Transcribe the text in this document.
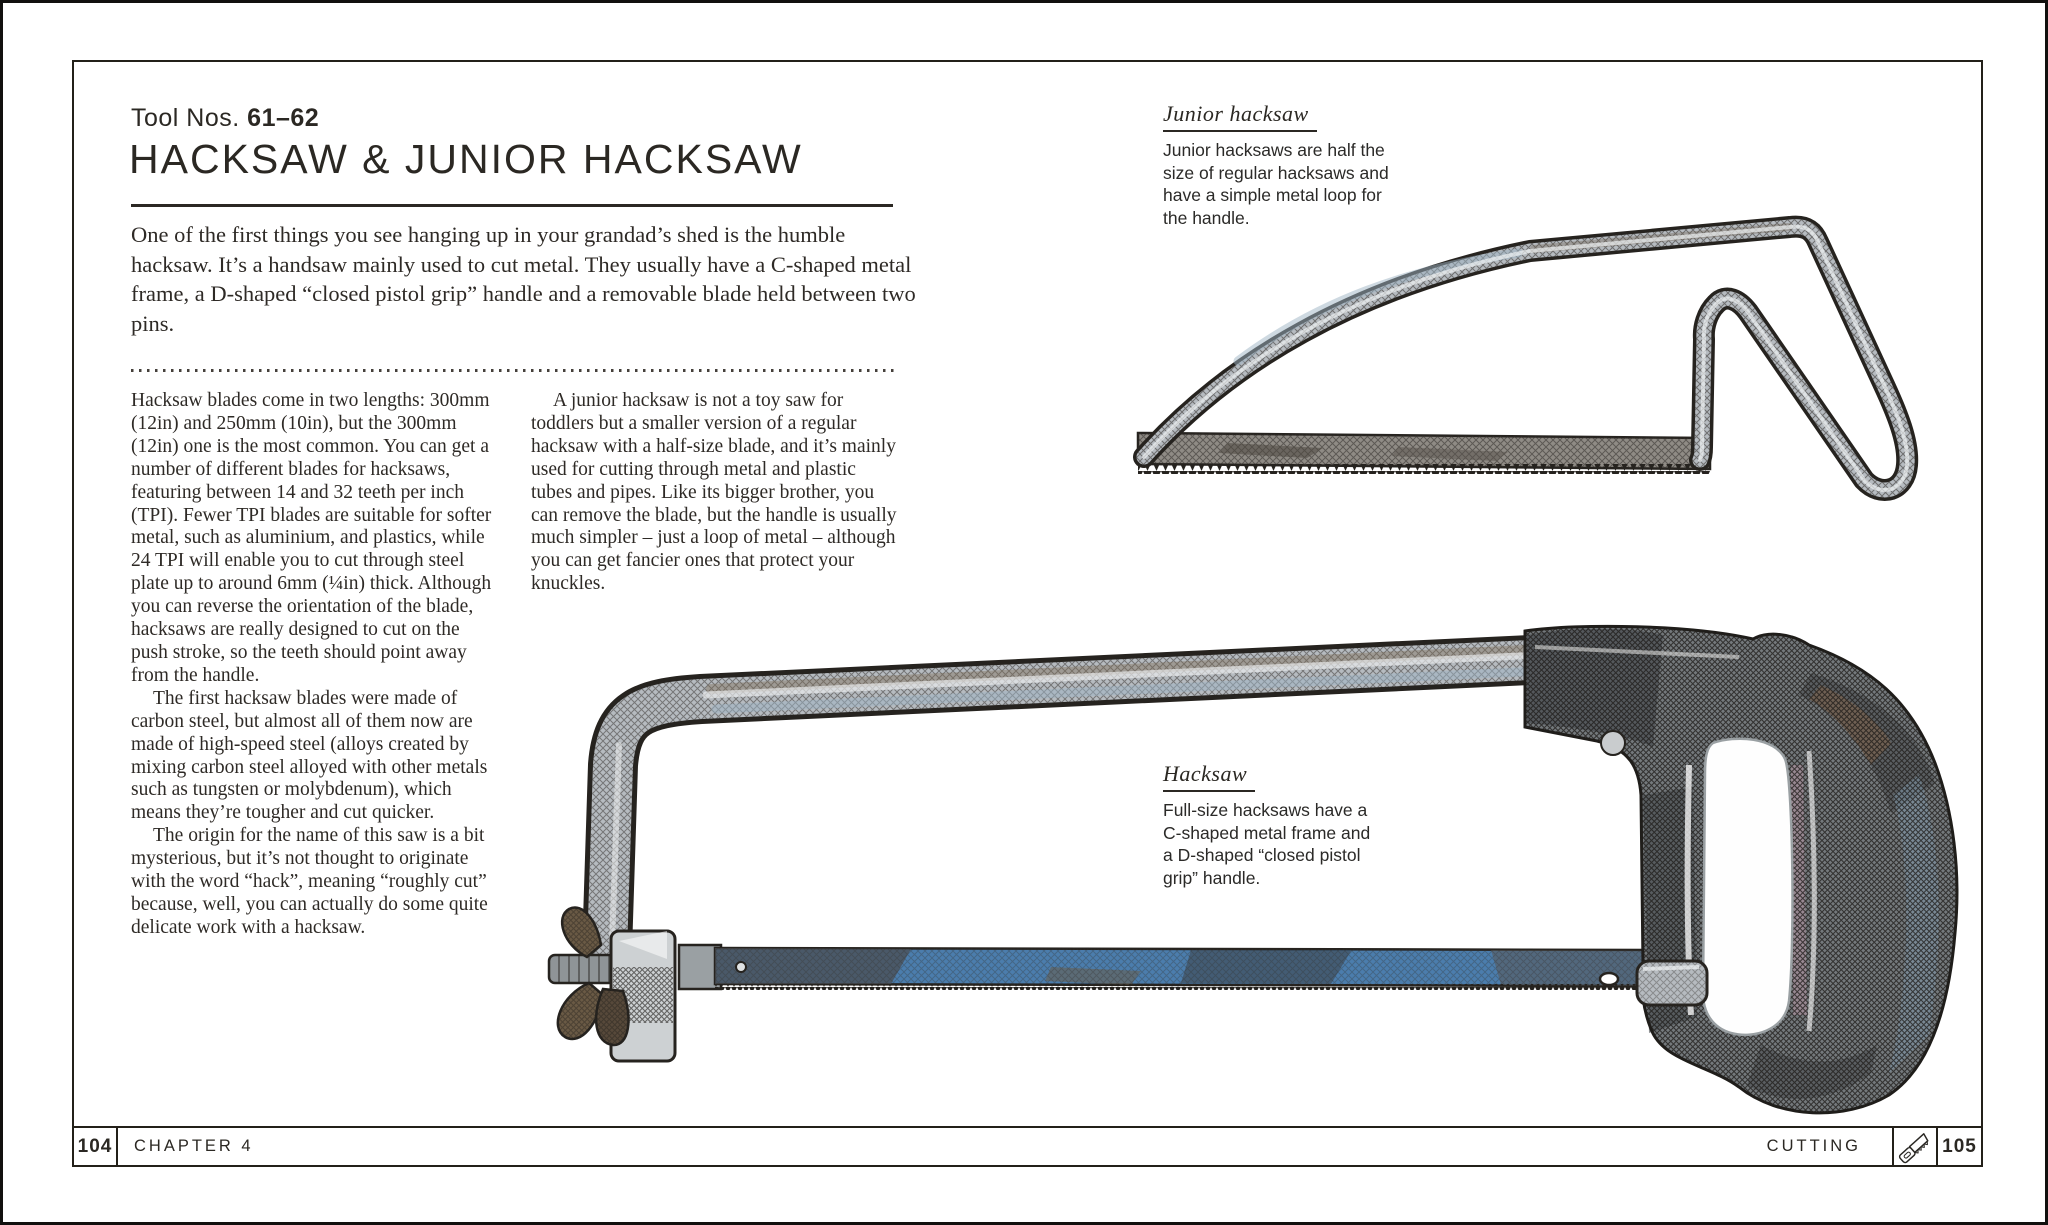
Tool Nos. 61–62
HACKSAW & JUNIOR HACKSAW
One of the first things you see hanging up in your grandad’s shed is the humble hacksaw. It’s a handsaw mainly used to cut metal. They usually have a C-shaped metal frame, a D-shaped “closed pistol grip” handle and a removable blade held between two pins.

Hacksaw blades come in two lengths: 300mm (12in) and 250mm (10in), but the 300mm (12in) one is the most common. You can get a number of different blades for hacksaws, featuring between 14 and 32 teeth per inch (TPI). Fewer TPI blades are suitable for softer metal, such as aluminium, and plastics, while 24 TPI will enable you to cut through steel plate up to around 6mm (¼in) thick. Although you can reverse the orientation of the blade, hacksaws are really designed to cut on the push stroke, so the teeth should point away from the handle.

The first hacksaw blades were made of carbon steel, but almost all of them now are made of high-speed steel (alloys created by mixing carbon steel alloyed with other metals such as tungsten or molybdenum), which means they’re tougher and cut quicker.

The origin for the name of this saw is a bit mysterious, but it’s not thought to originate with the word “hack”, meaning “roughly cut” because, well, you can actually do some quite delicate work with a hacksaw.

A junior hacksaw is not a toy saw for toddlers but a smaller version of a regular hacksaw with a half-size blade, and it’s mainly used for cutting through metal and plastic tubes and pipes. Like its bigger brother, you can remove the blade, but the handle is usually much simpler – just a loop of metal – although you can get fancier ones that protect your knuckles.

Junior hacksaw
Junior hacksaws are half the size of regular hacksaws and have a simple metal loop for the handle.
Hacksaw
Full-size hacksaws have a C-shaped metal frame and a D-shaped “closed pistol grip” handle.
104	CHAPTER 4	CUTTING	105
